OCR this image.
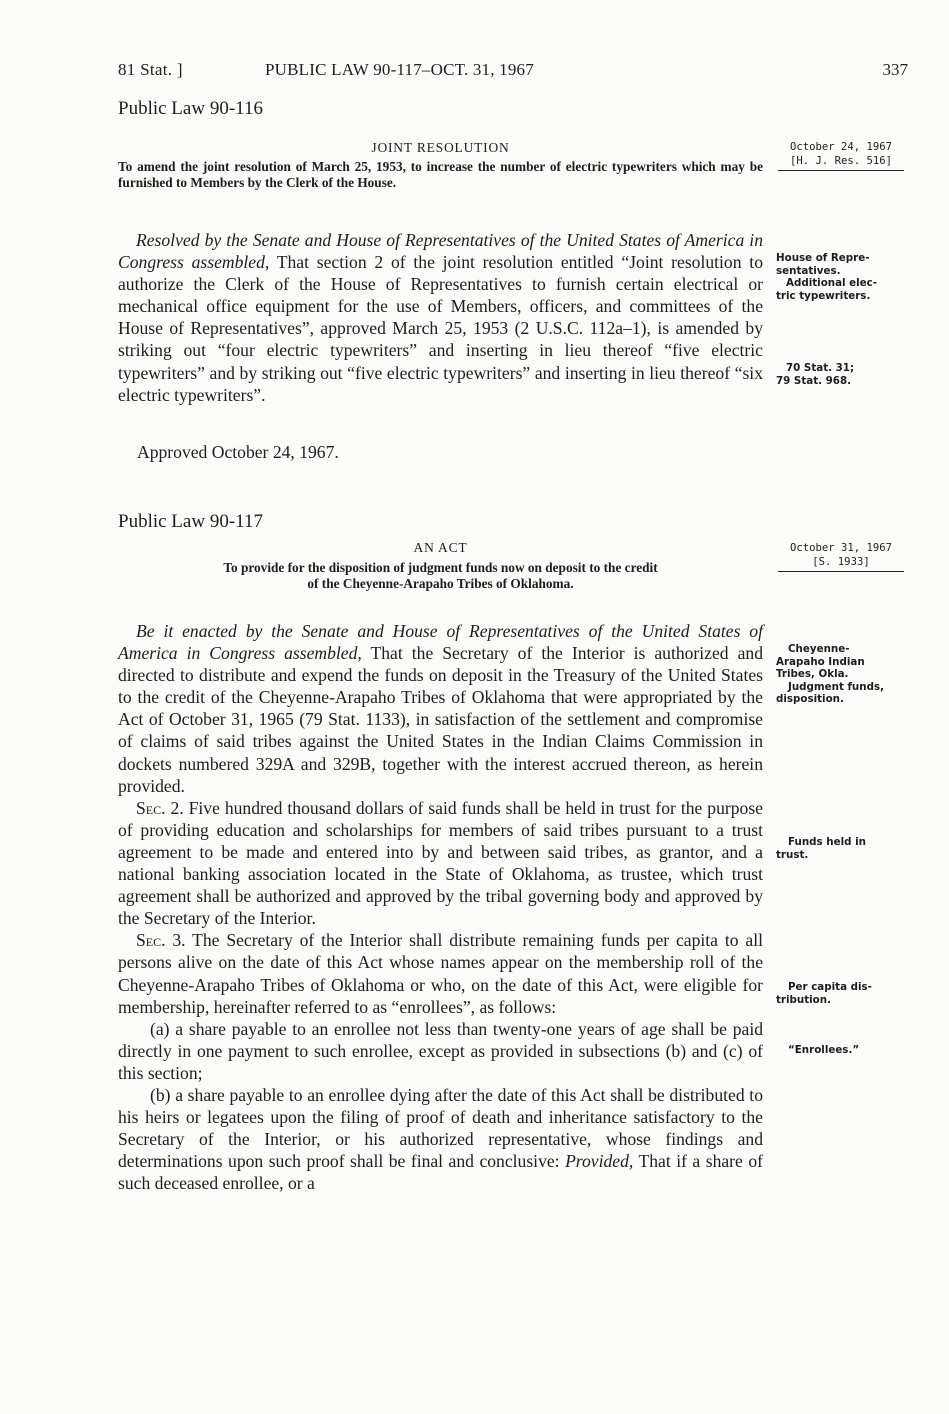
81 Stat. ]	PUBLIC LAW 90-117–OCT. 31, 1967	337
Public Law 90-116
JOINT RESOLUTION
To amend the joint resolution of March 25, 1953, to increase the number of electric typewriters which may be furnished to Members by the Clerk of the House.
October 24, 1967
[H. J. Res. 516]

Resolved by the Senate and House of Representatives of the United States of America in Congress assembled, That section 2 of the joint resolution entitled “Joint resolution to authorize the Clerk of the House of Representatives to furnish certain electrical or mechanical office equipment for the use of Members, officers, and committees of the House of Representatives”, approved March 25, 1953 (2 U.S.C. 112a–1), is amended by striking out “four electric typewriters” and inserting in lieu thereof “five electric typewriters” and by striking out “five electric typewriters” and inserting in lieu thereof “six electric typewriters”.

Approved October 24, 1967.
House of Repre-
sentatives.
Additional elec-
tric typewriters.
70 Stat. 31;
79 Stat. 968.
Public Law 90-117
AN ACT
To provide for the disposition of judgment funds now on deposit to the credit
of the Cheyenne-Arapaho Tribes of Oklahoma.
October 31, 1967
[S. 1933]

Be it enacted by the Senate and House of Representatives of the United States of America in Congress assembled, That the Secretary of the Interior is authorized and directed to distribute and expend the funds on deposit in the Treasury of the United States to the credit of the Cheyenne-Arapaho Tribes of Oklahoma that were appropriated by the Act of October 31, 1965 (79 Stat. 1133), in satisfaction of the settlement and compromise of claims of said tribes against the United States in the Indian Claims Commission in dockets numbered 329A and 329B, together with the interest accrued thereon, as herein provided.

Sec. 2. Five hundred thousand dollars of said funds shall be held in trust for the purpose of providing education and scholarships for members of said tribes pursuant to a trust agreement to be made and entered into by and between said tribes, as grantor, and a national banking association located in the State of Oklahoma, as trustee, which trust agreement shall be authorized and approved by the tribal governing body and approved by the Secretary of the Interior.

Sec. 3. The Secretary of the Interior shall distribute remaining funds per capita to all persons alive on the date of this Act whose names appear on the membership roll of the Cheyenne-Arapaho Tribes of Oklahoma or who, on the date of this Act, were eligible for membership, hereinafter referred to as “enrollees”, as follows:

(a) a share payable to an enrollee not less than twenty-one years of age shall be paid directly in one payment to such enrollee, except as provided in subsections (b) and (c) of this section;

(b) a share payable to an enrollee dying after the date of this Act shall be distributed to his heirs or legatees upon the filing of proof of death and inheritance satisfactory to the Secretary of the Interior, or his authorized representative, whose findings and determinations upon such proof shall be final and conclusive: Provided, That if a share of such deceased enrollee, or a

Cheyenne-
Arapaho Indian
Tribes, Okla.
Judgment funds,
disposition.
Funds held in
trust.
Per capita dis-
tribution.
“Enrollees.”
